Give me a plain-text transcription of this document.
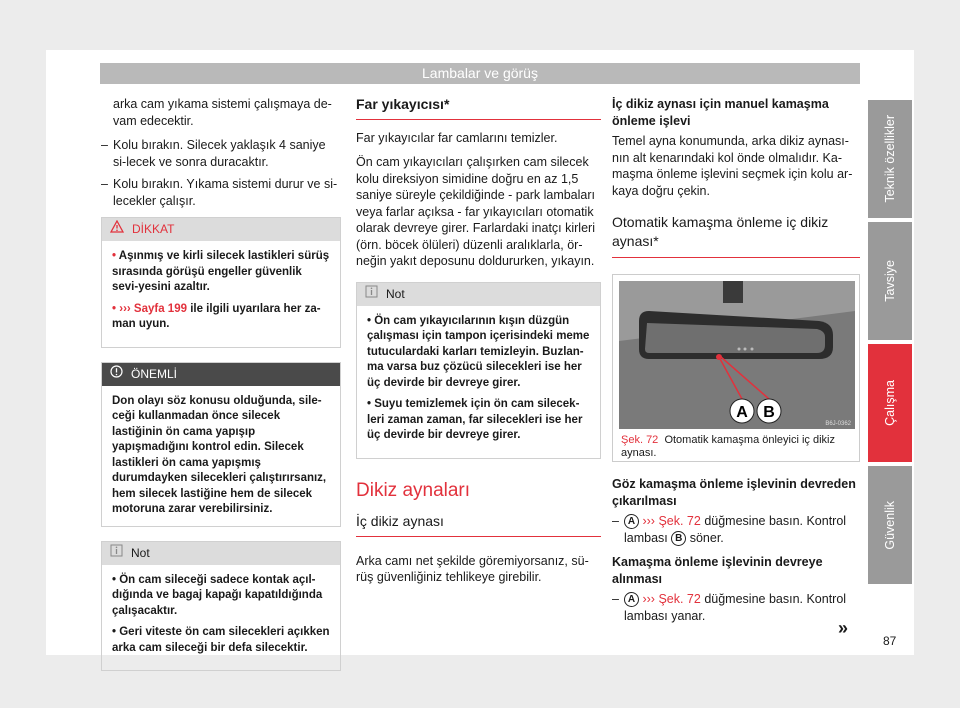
Lambalar ve görüş

arka cam yıkama sistemi çalışmaya de-vam edecektir.

– Kolu bırakın. Silecek yaklaşık 4 saniye si-lecek ve sonra duracaktır.
– Kolu bırakın. Yıkama sistemi durur ve si-lecekler çalışır.
DİKKAT
• Aşınmış ve kirli silecek lastikleri sürüş sırasında görüşü engeller güvenlik sevi-yesini azaltır.
• ››› Sayfa 199 ile ilgili uyarılara her za-man uyun.
ÖNEMLİ
Don olayı söz konusu olduğunda, sile-ceği kullanmadan önce silecek lastiğinin ön cama yapışıp yapışmadığını kontrol edin. Silecek lastikleri ön cama yapışmış durumdayken silecekleri çalıştırırsanız, hem silecek lastiğine hem de silecek motoruna zarar verebilirsiniz.
Not
• Ön cam sileceği sadece kontak açıl-dığında ve bagaj kapağı kapatıldığında çalışacaktır.
• Geri viteste ön cam silecekleri açıkken arka cam sileceği bir defa silecektir.
Far yıkayıcısı*

Far yıkayıcılar far camlarını temizler.

Ön cam yıkayıcıları çalışırken cam silecek kolu direksiyon simidine doğru en az 1,5 saniye süreyle çekildiğinde - park lambaları veya farlar açıksa - far yıkayıcıları otomatik olarak devreye girer. Farlardaki inatçı kirleri (örn. böcek ölüleri) düzenli aralıklarla, ör-neğin yakıt deposunu doldururken, yıkayın.

Not
• Ön cam yıkayıcılarının kışın düzgün çalışması için tampon içerisindeki meme tutuculardaki karları temizleyin. Buzlan-ma varsa buz çözücü silecekleri ise her üç devirde bir devreye girer.
• Suyu temizlemek için ön cam silecek-leri zaman zaman, far silecekleri ise her üç devirde bir devreye girer.
Dikiz aynaları
İç dikiz aynası

Arka camı net şekilde göremiyorsanız, sü-rüş güvenliğiniz tehlikeye girebilir.

İç dikiz aynası için manuel kamaşma önleme işlevi

Temel ayna konumunda, arka dikiz aynası-nın alt kenarındaki kol önde olmalıdır. Ka-maşma önleme işlevini seçmek için kolu ar-kaya doğru çekin.

Otomatik kamaşma önleme iç dikiz aynası*
A B
B6J-0362
Şek. 72 Otomatik kamaşma önleyici iç dikiz aynası.
Göz kamaşma önleme işlevinin devreden çıkarılması
– A ››› Şek. 72 düğmesine basın. Kontrol lambası B söner.
Kamaşma önleme işlevinin devreye alınması
– A ››› Şek. 72 düğmesine basın. Kontrol lambası yanar.
Teknik özellikler
Tavsiye
Çalışma
Güvenlik
»
87
